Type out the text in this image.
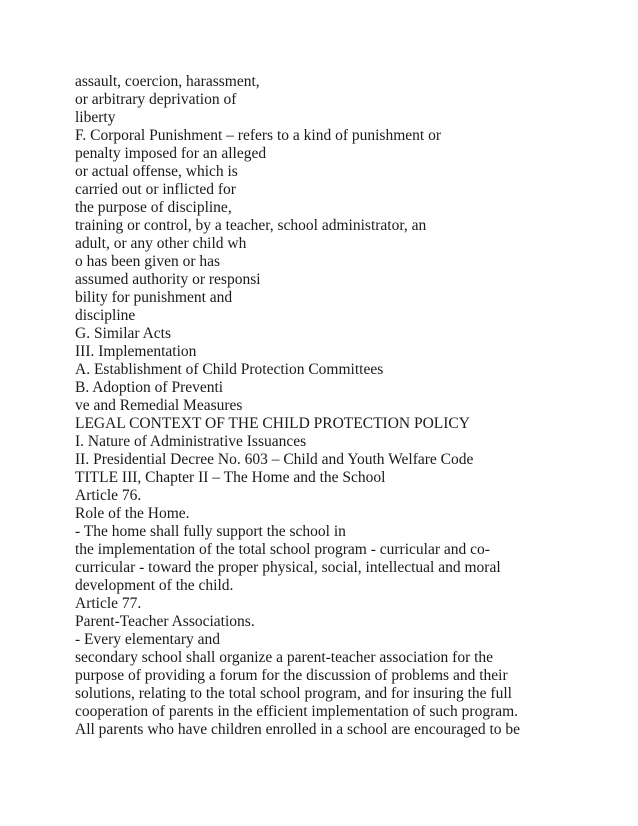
assault, coercion, harassment,
or arbitrary deprivation of
liberty
F. Corporal Punishment – refers to a kind of punishment or
penalty imposed for an alleged
or actual offense, which is
carried out or inflicted for
the purpose of discipline,
training or control, by a teacher, school administrator, an
adult, or any other child wh
o has been given or has
assumed authority or responsi
bility for punishment and
discipline
G. Similar Acts
III. Implementation
A. Establishment of Child Protection Committees
B. Adoption of Preventi
ve and Remedial Measures
LEGAL CONTEXT OF THE CHILD PROTECTION POLICY
I. Nature of Administrative Issuances
II. Presidential Decree No. 603 – Child and Youth Welfare Code
TITLE III, Chapter II – The Home and the School
Article 76.
Role of the Home.
- The home shall fully support the school in
the implementation of the total school program - curricular and co-
curricular - toward the proper physical, social, intellectual and moral
development of the child.
Article 77.
Parent-Teacher Associations.
- Every elementary and
secondary school shall organize a parent-teacher association for the
purpose of providing a forum for the discussion of problems and their
solutions, relating to the total school program, and for insuring the full
cooperation of parents in the efficient implementation of such program.
All parents who have children enrolled in a school are encouraged to be
